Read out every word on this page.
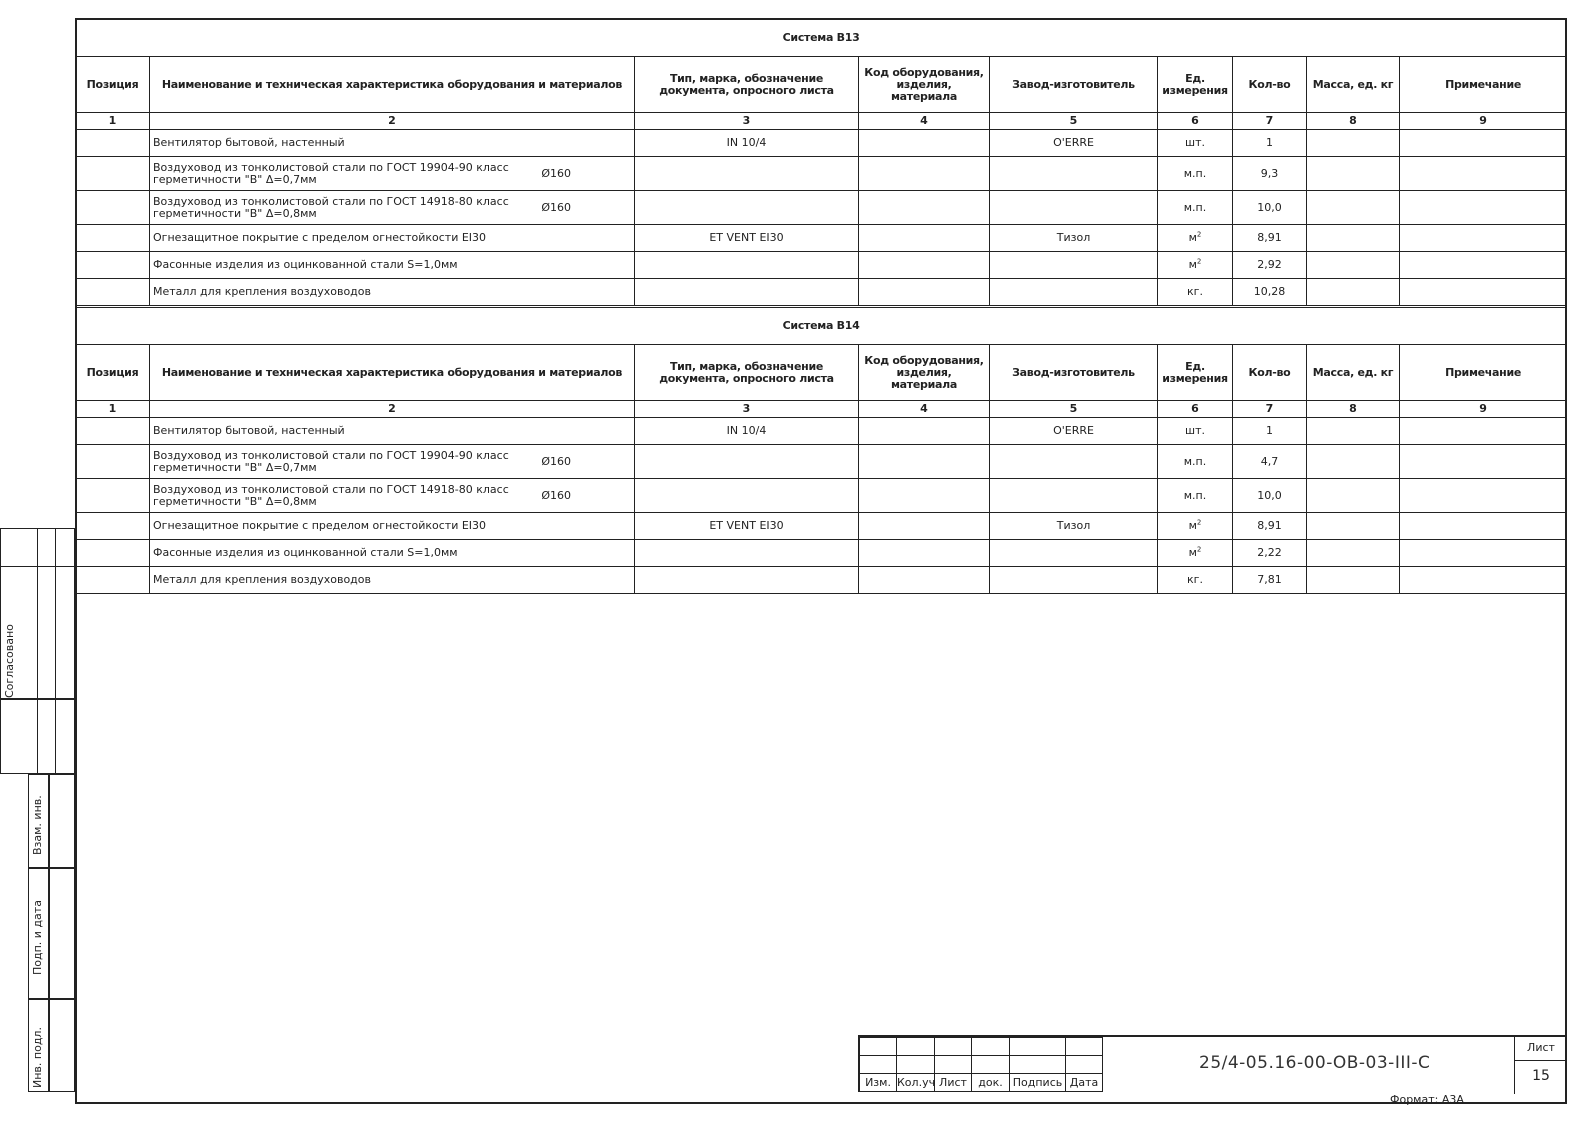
Система В13								
Позиция	Наименование и техническая характеристика оборудования и материалов	Тип, марка, обозначение документа, опросного листа	Код оборудования, изделия, материала	Завод-изготовитель	Ед. измерения	Кол-во	Масса, ед. кг	Примечание
1	2	3	4	5	6	7	8	9
	Вентилятор бытовой, настенный	IN 10/4		O'ERRE	шт.	1		

	Воздуховод из тонколистовой стали по ГОСТ 19904-90 класс герметичности "В" Δ=0,7мм Ø160				м.п.	9,3		

	Воздуховод из тонколистовой стали по ГОСТ 14918-80 класс герметичности "В" Δ=0,8мм Ø160				м.п.	10,0		
	Огнезащитное покрытие с пределом огнестойкости EI30	ET VENT EI30		Тизол	$м^2$	8,91		
	Фасонные изделия из оцинкованной стали S=1,0мм				$м^2$	2,92		
	Металл для крепления воздуховодов				кг.	10,28		
Система В14								
Позиция	Наименование и техническая характеристика оборудования и материалов	Тип, марка, обозначение документа, опросного листа	Код оборудования, изделия, материала	Завод-изготовитель	Ед. измерения	Кол-во	Масса, ед. кг	Примечание
1	2	3	4	5	6	7	8	9
	Вентилятор бытовой, настенный	IN 10/4		O'ERRE	шт.	1		

	Воздуховод из тонколистовой стали по ГОСТ 19904-90 класс герметичности "В" Δ=0,7мм Ø160				м.п.	4,7		

	Воздуховод из тонколистовой стали по ГОСТ 14918-80 класс герметичности "В" Δ=0,8мм Ø160				м.п.	10,0		
	Огнезащитное покрытие с пределом огнестойкости EI30	ET VENT EI30		Тизол	$м^2$	8,91		
	Фасонные изделия из оцинкованной стали S=1,0мм				$м^2$	2,22		
	Металл для крепления воздуховодов				кг.	7,81		
Согласовано
Взам. инв.
Подп. и дата
Инв. подл.

						Изм.	Кол.уч	Лист	док.	Подпись	Дата
25/4-05.16-00-ОВ-03-III-С
Лист
15
Формат: А3А
